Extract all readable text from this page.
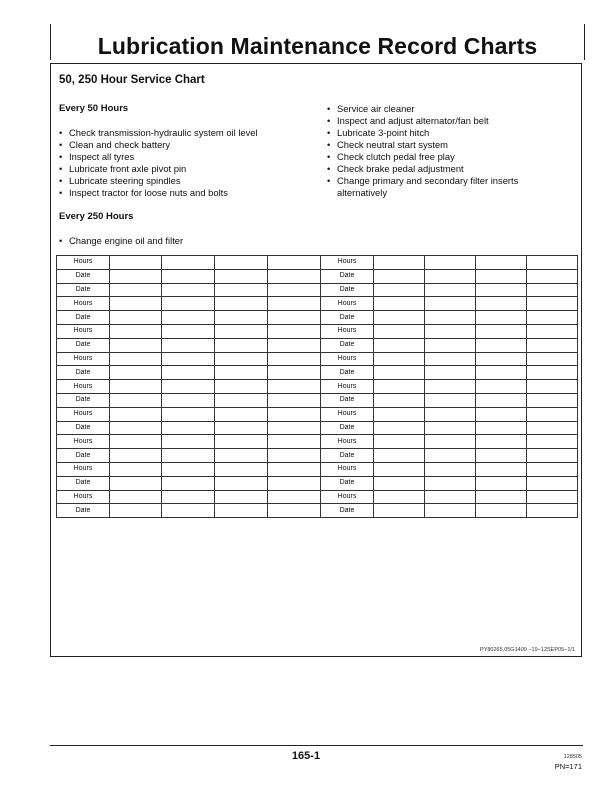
Lubrication Maintenance Record Charts
50, 250 Hour Service Chart
Every 50 Hours
• Check transmission-hydraulic system oil level
• Clean and check battery
• Inspect all tyres
• Lubricate front axle pivot pin
• Lubricate steering spindles
• Inspect tractor for loose nuts and bolts
• Service air cleaner
• Inspect and adjust alternator/fan belt
• Lubricate 3-point hitch
• Check neutral start system
• Check clutch pedal free play
• Check brake pedal adjustment
• Change primary and secondary filter inserts alternatively
Every 250 Hours
• Change engine oil and filter
Hours					Hours				
Date					Date				
Date					Date				
Hours					Hours				
Date					Date				
Hours					Hours				
Date					Date				
Hours					Hours				
Date					Date				
Hours					Hours				
Date					Date				
Hours					Hours				
Date					Date				
Hours					Hours				
Date					Date				
Hours					Hours				
Date					Date				
Hours					Hours				
Date					Date				
PY80265,05G1409 −19−12SEP05−1/1
165-1	128505
PN=171
